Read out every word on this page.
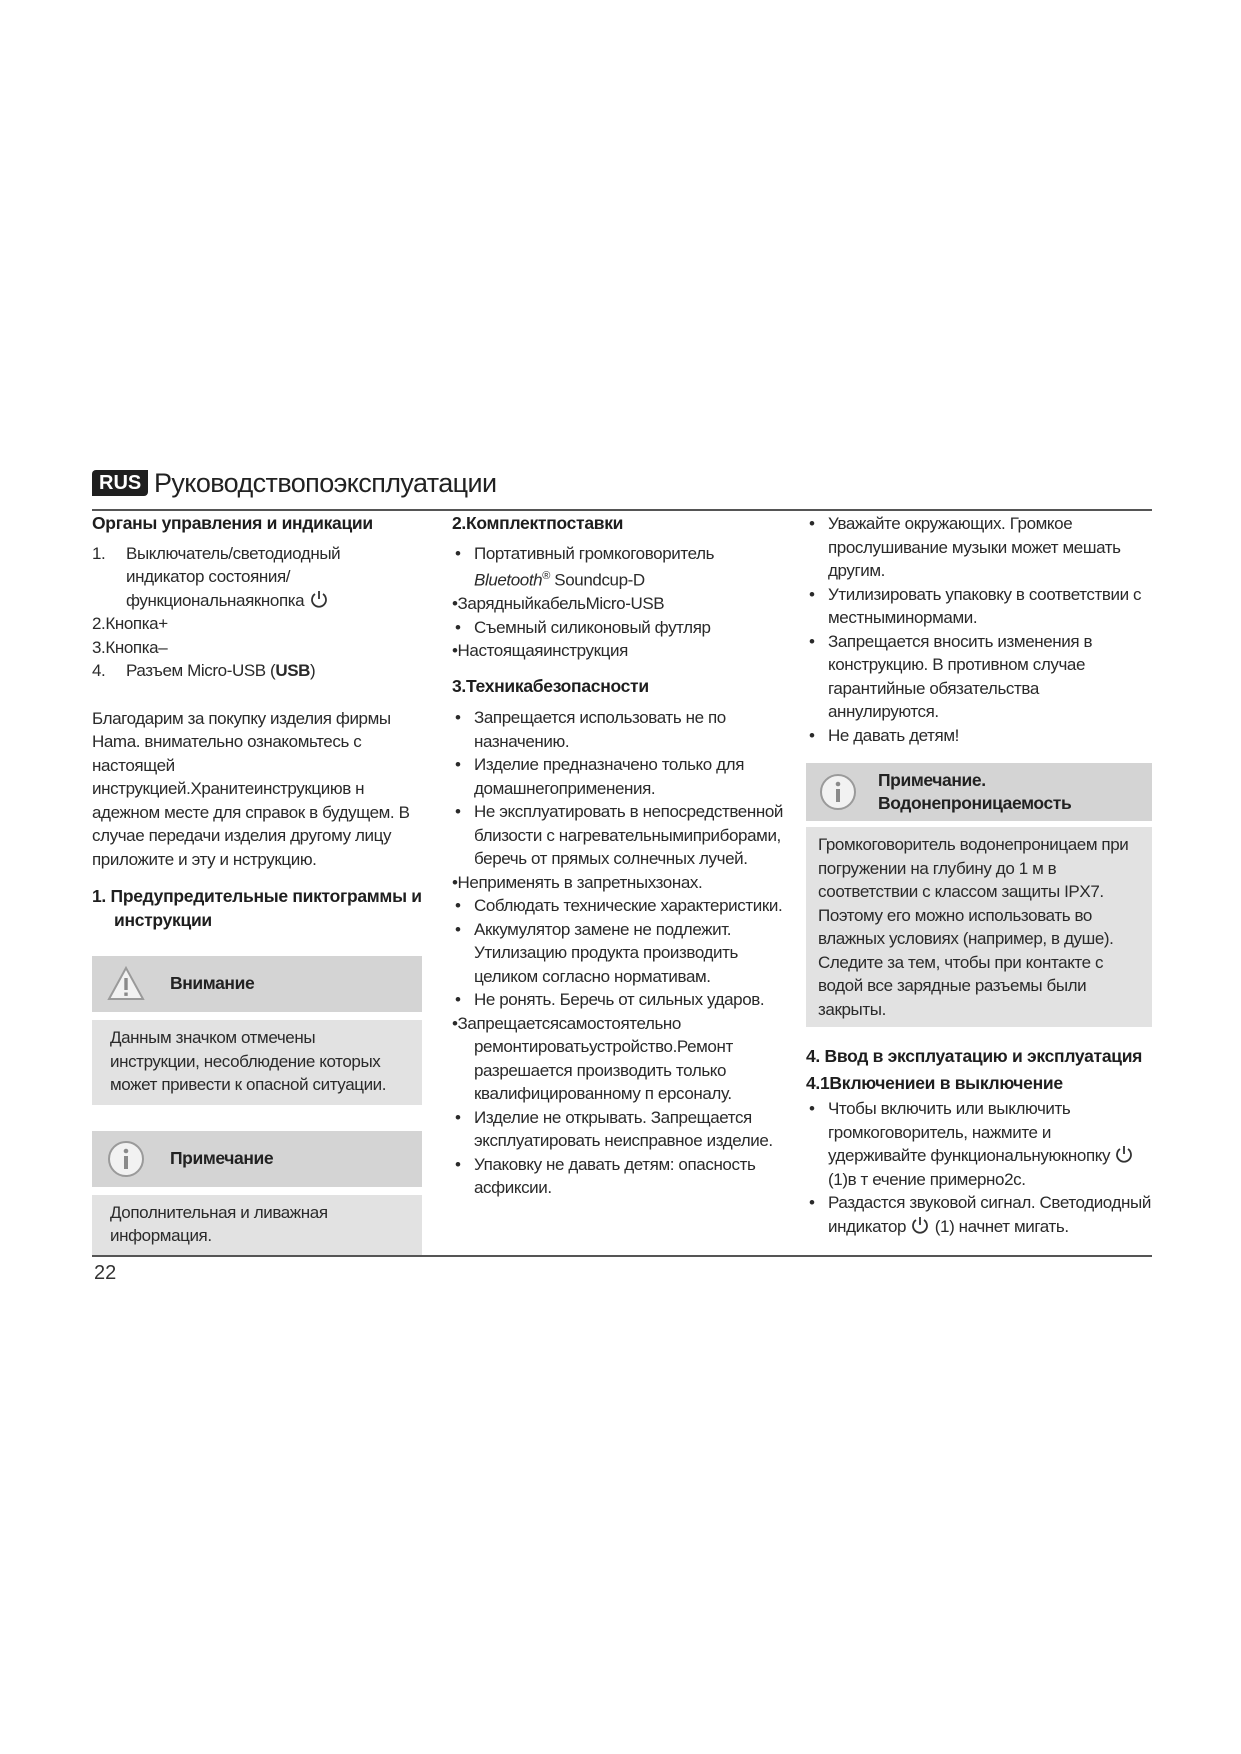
RUS Руководствопоэксплуатации
Органы управления и индикации
1. Выключатель/светодиодный индикатор состояния/функциональнаякнопка
2.Кнопка+
3.Кнопка–
4. Разъем Micro-USB (USB)

Благодарим за покупку изделия фирмы Hama. внимательно ознакомьтесь с настоящей инструкцией.Хранитеинструкциюв н адежном месте для справок в будущем. В случае передачи изделия другому лицу приложите и эту и нструкцию.

1. Предупредительные пиктограммы и инструкции
Внимание
Данным значком отмечены инструкции, несоблюдение которых может привести к опасной ситуации.
Примечание
Дополнительная и ливажная информация.
2.Комплектпоставки
• Портативный громкоговоритель Bluetooth® Soundcup-D
•ЗарядныйкабельMicro-USB
• Съемный силиконовый футляр
•Настоящаяинструкция
3.Техникабезопасности
• Запрещается использовать не по назначению.
• Изделие предназначено только для домашнегоприменения.
• Не эксплуатировать в непосредственной близости с нагревательнымиприборами, беречь от прямых солнечных лучей.
•Неприменять в запретныхзонах.
• Соблюдать технические характеристики.
• Аккумулятор замене не подлежит. Утилизацию продукта производить целиком согласно нормативам.
• Не ронять. Беречь от сильных ударов.
•Запрещаетсясамостоятельно ремонтироватьустройство.Ремонт разрешается производить только квалифицированному п ерсоналу.
• Изделие не открывать. Запрещается эксплуатировать неисправное изделие.
• Упаковку не давать детям: опасность асфиксии.
• Уважайте окружающих. Громкое прослушивание музыки может мешать другим.
• Утилизировать упаковку в соответствии с местныминормами.
• Запрещается вносить изменения в конструкцию. В противном случае гарантийные обязательства аннулируются.
• Не давать детям!
Примечание.
Водонепроницаемость
Громкоговоритель водонепроницаем при погружении на глубину до 1 м в соответствии с классом защиты IPX7. Поэтому его можно использовать во влажных условиях (например, в душе). Следите за тем, чтобы при контакте с водой все зарядные разъемы были закрыты.
4. Ввод в эксплуатацию и эксплуатация
4.1Включениеи в выключение
• Чтобы включить или выключить громкоговоритель, нажмите и удерживайте функциональнуюкнопку  (1)в т ечение примерно2с.
• Раздастся звуковой сигнал. Светодиодный индикатор (1) начнет мигать.
22
